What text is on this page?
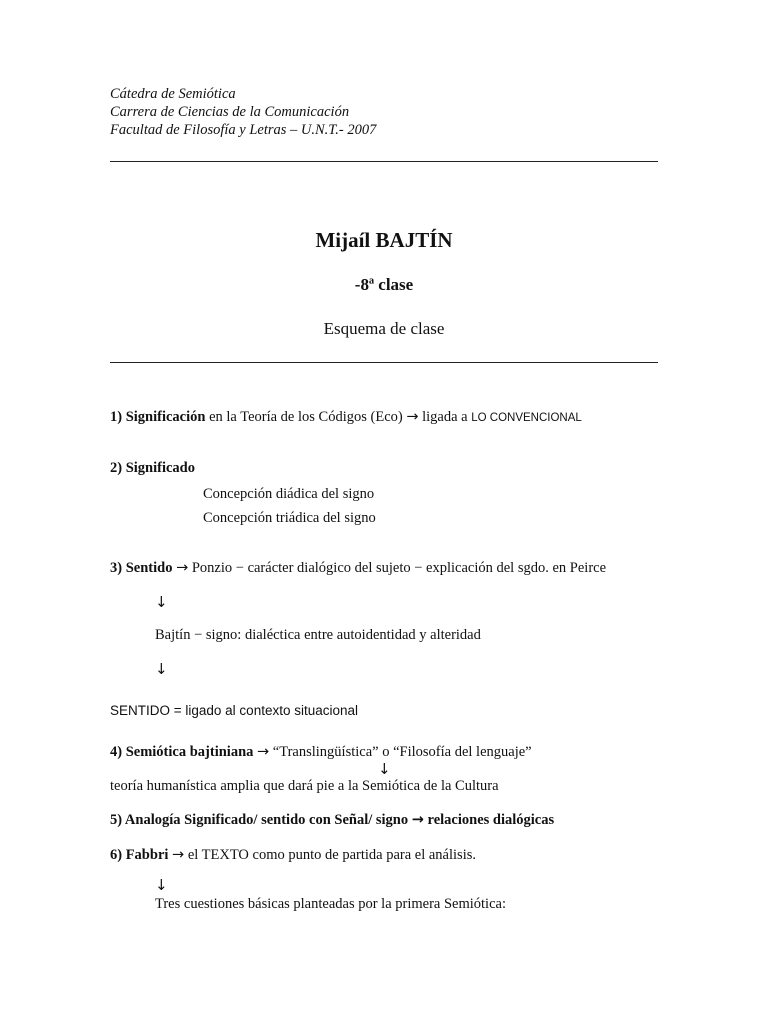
Cátedra de Semiótica
Carrera de Ciencias de la Comunicación
Facultad de Filosofía y Letras – U.N.T.- 2007
Mijaíl BAJTÍN
-8ª clase
Esquema de clase
1) Significación en la Teoría de los Códigos (Eco) → ligada a LO CONVENCIONAL
2) Significado
Concepción diádica del signo
Concepción triádica del signo
3) Sentido → Ponzio − carácter dialógico del sujeto − explicación del sgdo. en Peirce
↓
Bajtín − signo: dialéctica entre autoidentidad y alteridad
↓
SENTIDO = ligado al contexto situacional
4) Semiótica bajtiniana → “Translingüística” o “Filosofía del lenguaje”
↓
teoría humanística amplia que dará pie a la Semiótica de la Cultura
5) Analogía Significado/ sentido con Señal/ signo → relaciones dialógicas
6) Fabbri → el TEXTO como punto de partida para el análisis.
↓
Tres cuestiones básicas planteadas por la primera Semiótica:
